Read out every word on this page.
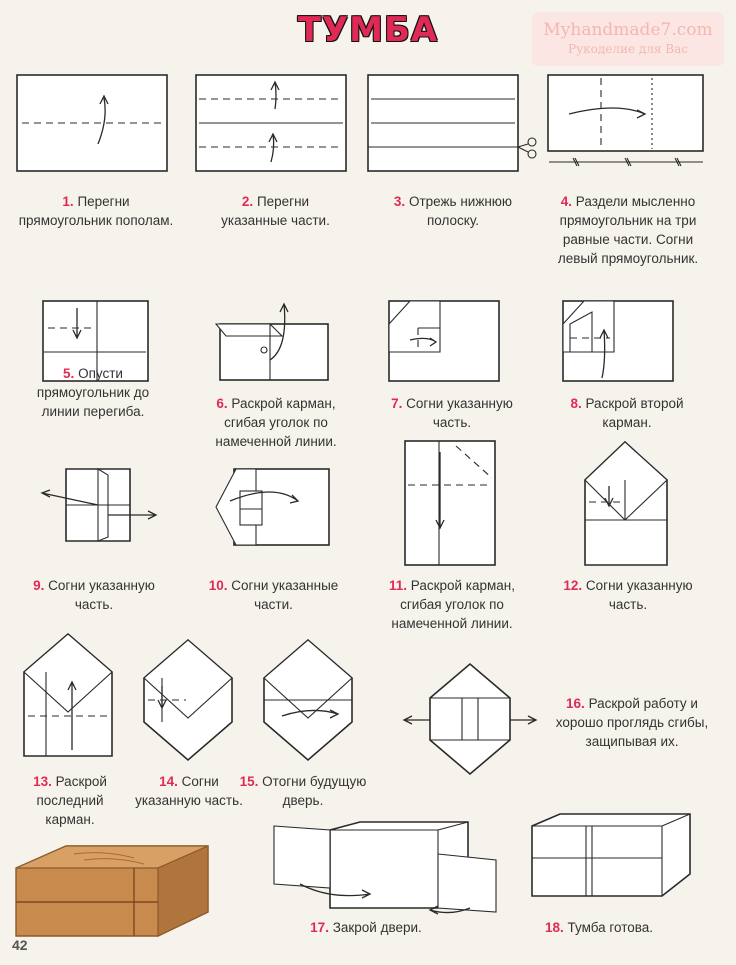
ТУМБА	Myhandmade7.com
Рукоделие для Вас
1. Перегни прямоугольник пополам.
2. Перегни указанные части.
3. Отрежь нижнюю полоску.
4. Раздели мысленно прямоугольник на три равные части. Согни левый прямоугольник.
5. Опусти прямоугольник до линии перегиба.
6. Раскрой карман, сгибая уголок по намеченной линии.
7. Согни указанную часть.
8. Раскрой второй карман.
9. Согни указанную часть.
10. Согни указанные части.
11. Раскрой карман, сгибая уголок по намеченной линии.
12. Согни указанную часть.
13. Раскрой последний карман.
14. Согни указанную часть.
15. Отогни будущую дверь.
16. Раскрой работу и хорошо проглядь сгибы, защипывая их.
42
17. Закрой двери.	18. Тумба готова.
